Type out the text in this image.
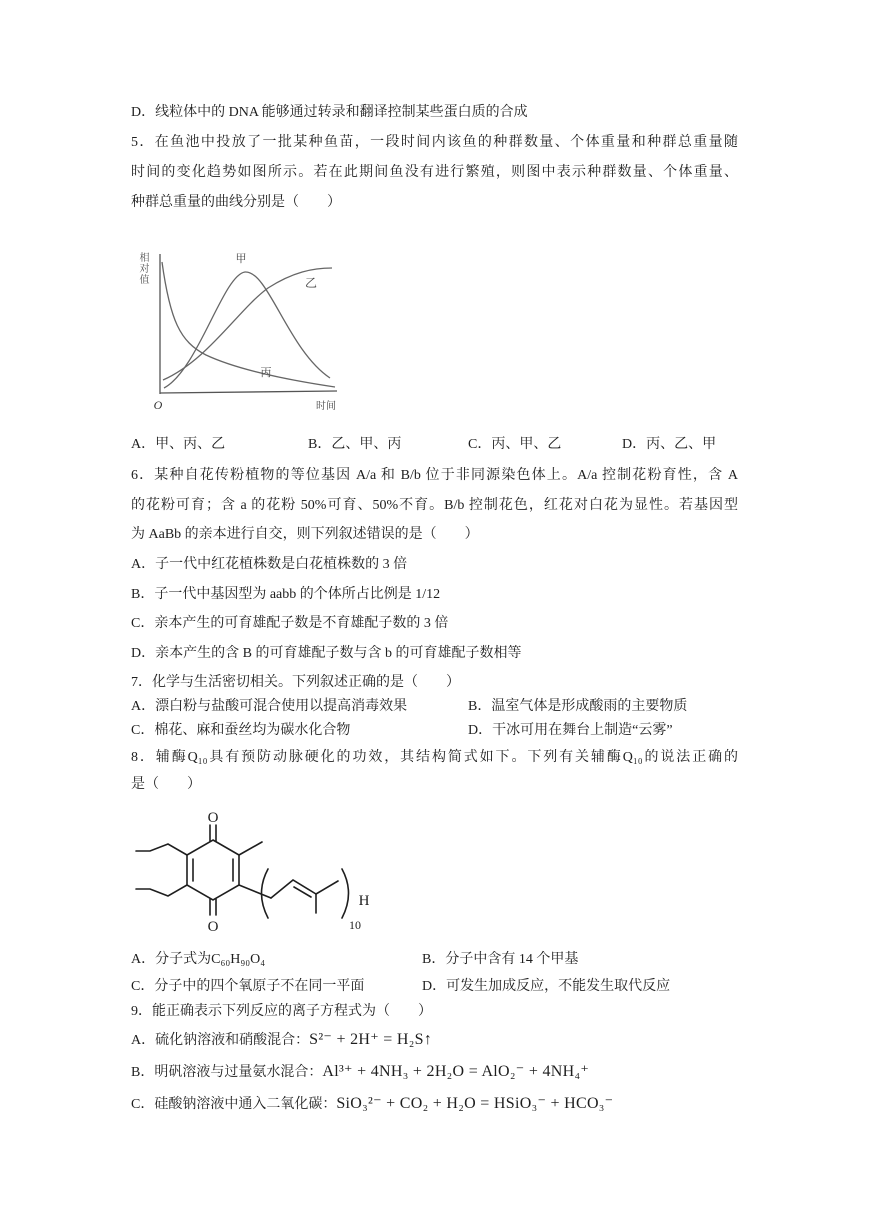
D．线粒体中的 DNA 能够通过转录和翻译控制某些蛋白质的合成
5．在鱼池中投放了一批某种鱼苗，一段时间内该鱼的种群数量、个体重量和种群总重量随
时间的变化趋势如图所示。若在此期间鱼没有进行繁殖，则图中表示种群数量、个体重量、
种群总重量的曲线分别是（　　）
相对值	甲
乙
丙
O	时间
A．甲、丙、乙	B．乙、甲、丙	C．丙、甲、乙	D．丙、乙、甲
6．某种自花传粉植物的等位基因 A/a 和 B/b 位于非同源染色体上。A/a 控制花粉育性，含 A
的花粉可育；含 a 的花粉 50%可育、50%不育。B/b 控制花色，红花对白花为显性。若基因型
为 AaBb 的亲本进行自交，则下列叙述错误的是（　　）
A．子一代中红花植株数是白花植株数的 3 倍
B．子一代中基因型为 aabb 的个体所占比例是 1/12
C．亲本产生的可育雄配子数是不育雄配子数的 3 倍
D．亲本产生的含 B 的可育雄配子数与含 b 的可育雄配子数相等
7．化学与生活密切相关。下列叙述正确的是（　　）
A．漂白粉与盐酸可混合使用以提高消毒效果	B．温室气体是形成酸雨的主要物质
C．棉花、麻和蚕丝均为碳水化合物	D．干冰可用在舞台上制造“云雾”
8．辅酶Q₁₀具有预防动脉硬化的功效，其结构简式如下。下列有关辅酶Q₁₀的说法正确的
是（　　）
O
O
H
10
A．分子式为C₆₀H₉₀O₄	B．分子中含有 14 个甲基
C．分子中的四个氧原子不在同一平面	D．可发生加成反应，不能发生取代反应
9．能正确表示下列反应的离子方程式为（　　）
A．硫化钠溶液和硝酸混合：S²⁻ + 2H⁺ = H₂S↑
B．明矾溶液与过量氨水混合：Al³⁺ + 4NH₃ + 2H₂O = AlO₂⁻ + 4NH₄⁺
C．硅酸钠溶液中通入二氧化碳：SiO₃²⁻ + CO₂ + H₂O = HSiO₃⁻ + HCO₃⁻
